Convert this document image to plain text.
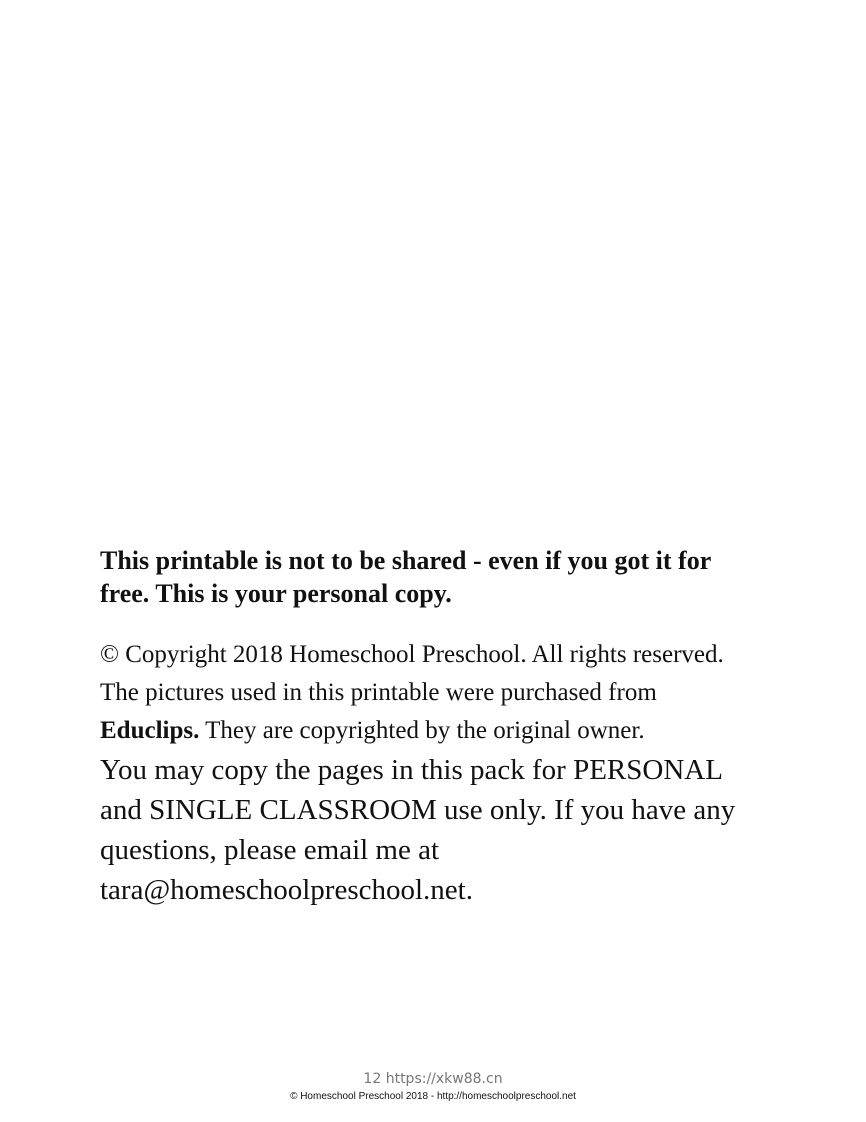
This printable is not to be shared - even if you got it for free. This is your personal copy.

© Copyright 2018 Homeschool Preschool. All rights reserved. The pictures used in this printable were purchased from Educlips. They are copyrighted by the original owner.

You may copy the pages in this pack for PERSONAL and SINGLE CLASSROOM use only. If you have any questions, please email me at tara@homeschoolpreschool.net.

12 https://xkw88.cn
© Homeschool Preschool 2018 - http://homeschoolpreschool.net
